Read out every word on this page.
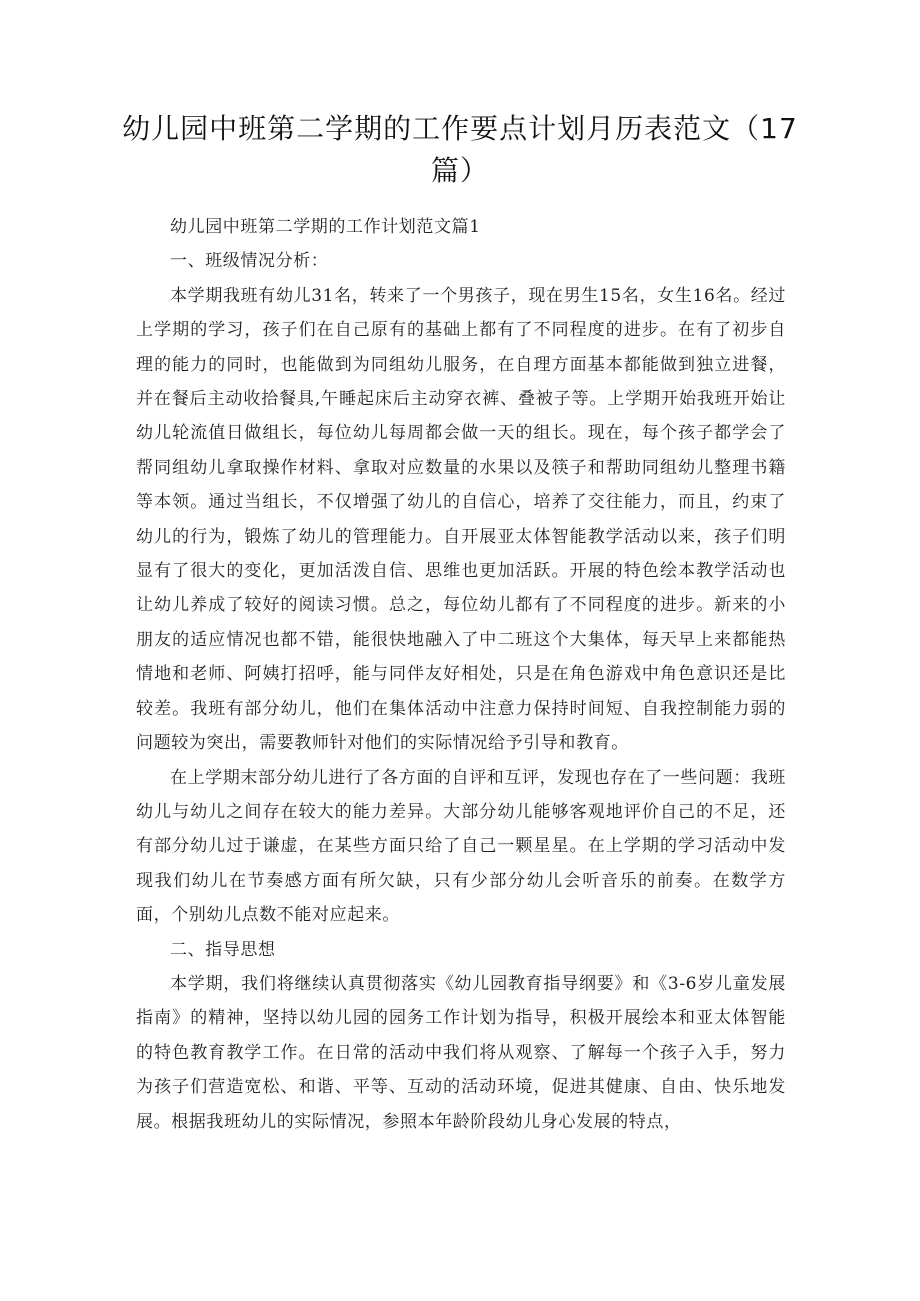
幼儿园中班第二学期的工作要点计划月历表范文（17篇）

幼儿园中班第二学期的工作计划范文篇1

一、班级情况分析：

本学期我班有幼儿31名，转来了一个男孩子，现在男生15名，女生16名。经过上学期的学习，孩子们在自己原有的基础上都有了不同程度的进步。在有了初步自理的能力的同时，也能做到为同组幼儿服务，在自理方面基本都能做到独立进餐，并在餐后主动收拾餐具,午睡起床后主动穿衣裤、叠被子等。上学期开始我班开始让幼儿轮流值日做组长，每位幼儿每周都会做一天的组长。现在，每个孩子都学会了帮同组幼儿拿取操作材料、拿取对应数量的水果以及筷子和帮助同组幼儿整理书籍等本领。通过当组长，不仅增强了幼儿的自信心，培养了交往能力，而且，约束了幼儿的行为，锻炼了幼儿的管理能力。自开展亚太体智能教学活动以来，孩子们明显有了很大的变化，更加活泼自信、思维也更加活跃。开展的特色绘本教学活动也让幼儿养成了较好的阅读习惯。总之，每位幼儿都有了不同程度的进步。新来的小朋友的适应情况也都不错，能很快地融入了中二班这个大集体，每天早上来都能热情地和老师、阿姨打招呼，能与同伴友好相处，只是在角色游戏中角色意识还是比较差。我班有部分幼儿，他们在集体活动中注意力保持时间短、自我控制能力弱的问题较为突出，需要教师针对他们的实际情况给予引导和教育。

在上学期末部分幼儿进行了各方面的自评和互评，发现也存在了一些问题：我班幼儿与幼儿之间存在较大的能力差异。大部分幼儿能够客观地评价自己的不足，还有部分幼儿过于谦虚，在某些方面只给了自己一颗星星。在上学期的学习活动中发现我们幼儿在节奏感方面有所欠缺，只有少部分幼儿会听音乐的前奏。在数学方面，个别幼儿点数不能对应起来。

二、指导思想

本学期，我们将继续认真贯彻落实《幼儿园教育指导纲要》和《3-6岁儿童发展指南》的精神，坚持以幼儿园的园务工作计划为指导，积极开展绘本和亚太体智能的特色教育教学工作。在日常的活动中我们将从观察、了解每一个孩子入手，努力为孩子们营造宽松、和谐、平等、互动的活动环境，促进其健康、自由、快乐地发展。根据我班幼儿的实际情况，参照本年龄阶段幼儿身心发展的特点，
